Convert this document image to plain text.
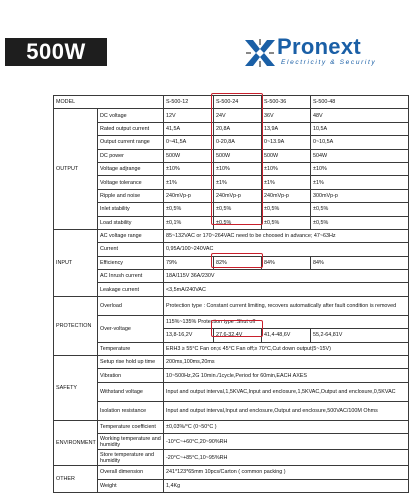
500W	Pronext
Electricity & Security
MODEL		S-500-12	S-500-24	S-500-36	S-500-48
OUTPUT	DC voltage	12V	24V	36V	48V
	Rated output current	41,5A	20,8A	13,9A	10,5A
	Output current range	0~41,5A	0-20,8A	0~13.9A	0~10,5A
	DC power	500W	500W	500W	504W
	Voltage adjrange	±10%	±10%	±10%	±10%
	Voltage tolerance	±1%	±1%	±1%	±1%
	Ripple and noise	240mVp-p	240mVp-p	240mVp-p	300mVp-p
	Inlet stability	±0,5%	±0,5%	±0,5%	±0,5%
	Load stability	±0,1%	±0,5%	±0,5%	±0,5%
INPUT	AC voltage range	85~132VAC or 170~264VAC need to be choosed in advance; 47~63Hz			
	Current	0,95A/100~240VAC			
	Efficiency	79%	82%	84%	84%
	AC Inrush current	18A/115V 36A/230V			
	Leakage current	<3,5mA/240VAC			
PROTECTION	Overload	Protection type : Constant current limiting, recovers automatically after fault condition is removed			
	Over-voltage	115%~135% Protection type :Shut off			
		13,8-16,2V	27,6-32,4V	41,4-48,6V	55,2-64,81V
	Temperature	ERH3 ≥ 55°C Fan on;≤ 45°C Fan off;≥ 70°C,Cut down output(5~15V)			
SAFETY	Setup rise hold up time	200ms,100ms,20ms			
	Vibration	10~500Hz,2G 10min./1cycle,Period for 60min,EACH AXES			
	Withstand voltage	Input and output interval,1,5KVAC,Input and enclosure,1,5KVAC,Output and enclosure,0,5KVAC			
	Isolation resistance	Input and output interval,Input and enclosure,Output and enclosure,500VAC/100M Ohms			
ENVIRONMENT	Temperature coefficient	±0,03%/°C (0~50°C )			
	Working temperature and humidity	-10°C~+60°C,20~90%RH			
	Store temperature and humidity	-20°C~+85°C,10~95%RH			
OTHER	Overall dimension	241*123*65mm 10pcs/Carton ( common packing )			
	Weight	1,4Kg			
